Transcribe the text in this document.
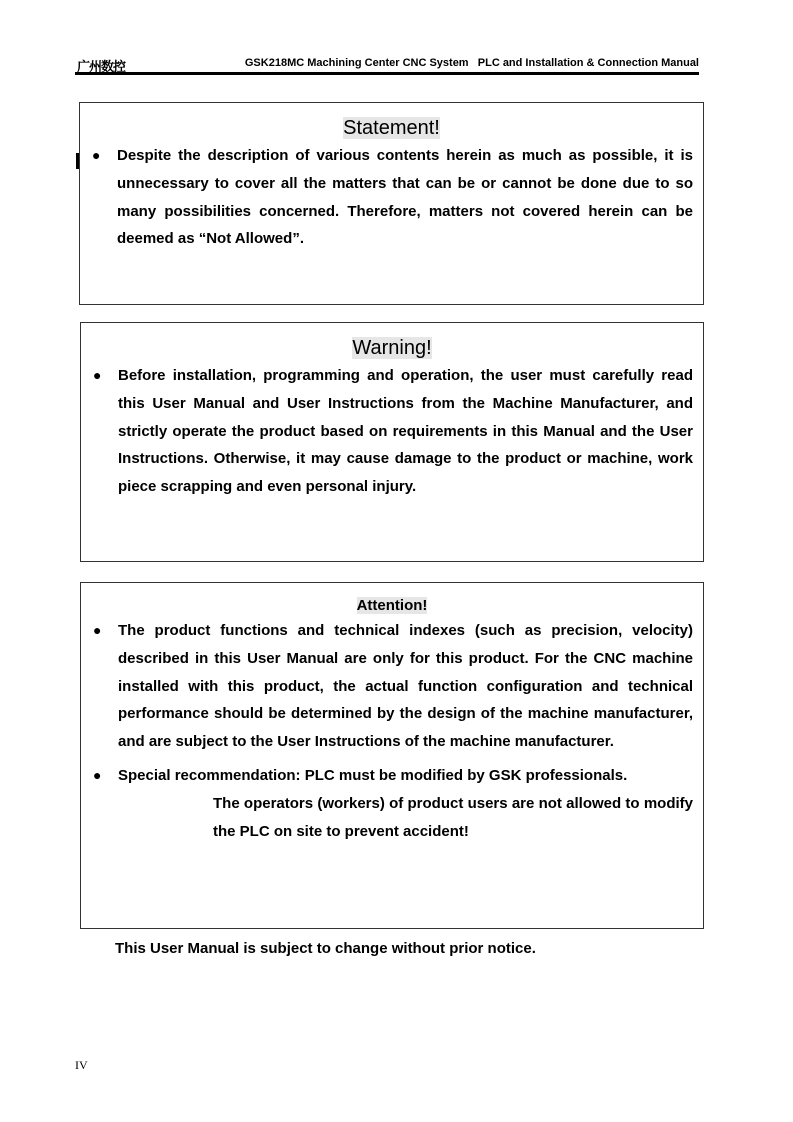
广州数控	GSK218MC Machining Center CNC System   PLC and Installation & Connection Manual
Statement!
● Despite the description of various contents herein as much as possible, it is unnecessary to cover all the matters that can be or cannot be done due to so many possibilities concerned. Therefore, matters not covered herein can be deemed as “Not Allowed”.
Warning!
● Before installation, programming and operation, the user must carefully read this User Manual and User Instructions from the Machine Manufacturer, and strictly operate the product based on requirements in this Manual and the User Instructions. Otherwise, it may cause damage to the product or machine, work piece scrapping and even personal injury.
Attention!
● The product functions and technical indexes (such as precision, velocity) described in this User Manual are only for this product. For the CNC machine installed with this product, the actual function configuration and technical performance should be determined by the design of the machine manufacturer, and are subject to the User Instructions of the machine manufacturer.
● Special recommendation: PLC must be modified by GSK professionals.
The operators (workers) of product users are not allowed to modify the PLC on site to prevent accident!
This User Manual is subject to change without prior notice.
IV
